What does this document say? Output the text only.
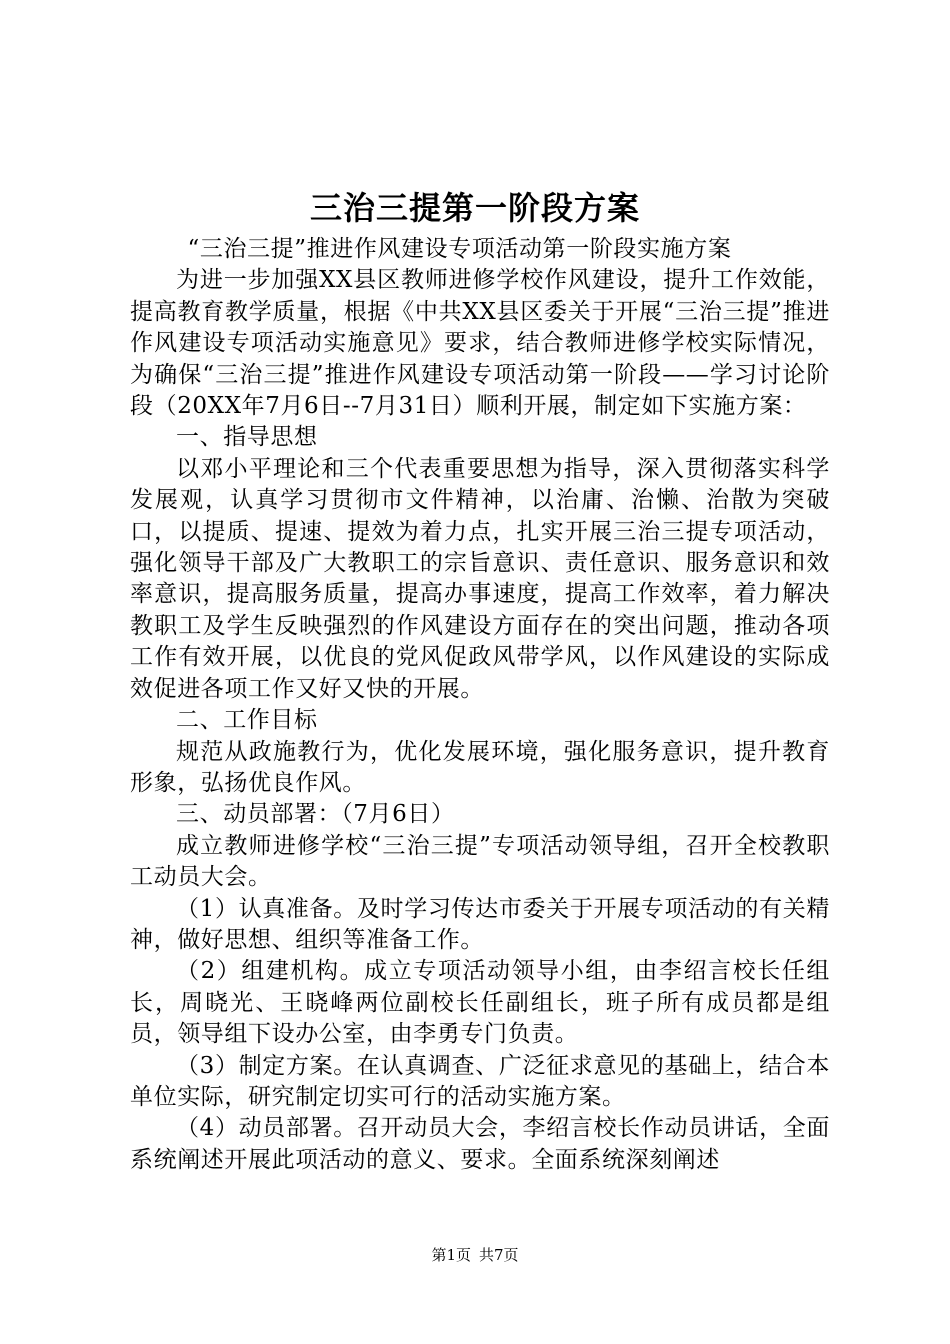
三治三提第一阶段方案

“三治三提”推进作风建设专项活动第一阶段实施方案

为进一步加强XX县区教师进修学校作风建设，提升工作效能，提高教育教学质量，根据《中共XX县区委关于开展“三治三提”推进作风建设专项活动实施意见》要求，结合教师进修学校实际情况，为确保“三治三提”推进作风建设专项活动第一阶段——学习讨论阶段（20XX年7月6日--7月31日）顺利开展，制定如下实施方案：

一、指导思想

以邓小平理论和三个代表重要思想为指导，深入贯彻落实科学发展观，认真学习贯彻市文件精神，以治庸、治懒、治散为突破口，以提质、提速、提效为着力点，扎实开展三治三提专项活动，强化领导干部及广大教职工的宗旨意识、责任意识、服务意识和效率意识，提高服务质量，提高办事速度，提高工作效率，着力解决教职工及学生反映强烈的作风建设方面存在的突出问题，推动各项工作有效开展，以优良的党风促政风带学风，以作风建设的实际成效促进各项工作又好又快的开展。

二、工作目标

规范从政施教行为，优化发展环境，强化服务意识，提升教育形象，弘扬优良作风。

三、动员部署：（7月6日）

成立教师进修学校“三治三提”专项活动领导组，召开全校教职工动员大会。

（1）认真准备。及时学习传达市委关于开展专项活动的有关精神，做好思想、组织等准备工作。

（2）组建机构。成立专项活动领导小组，由李绍言校长任组长，周晓光、王晓峰两位副校长任副组长，班子所有成员都是组员，领导组下设办公室，由李勇专门负责。

（3）制定方案。在认真调查、广泛征求意见的基础上，结合本单位实际，研究制定切实可行的活动实施方案。

（4）动员部署。召开动员大会，李绍言校长作动员讲话，全面系统阐述开展此项活动的意义、要求。全面系统深刻阐述

第1页 共7页
